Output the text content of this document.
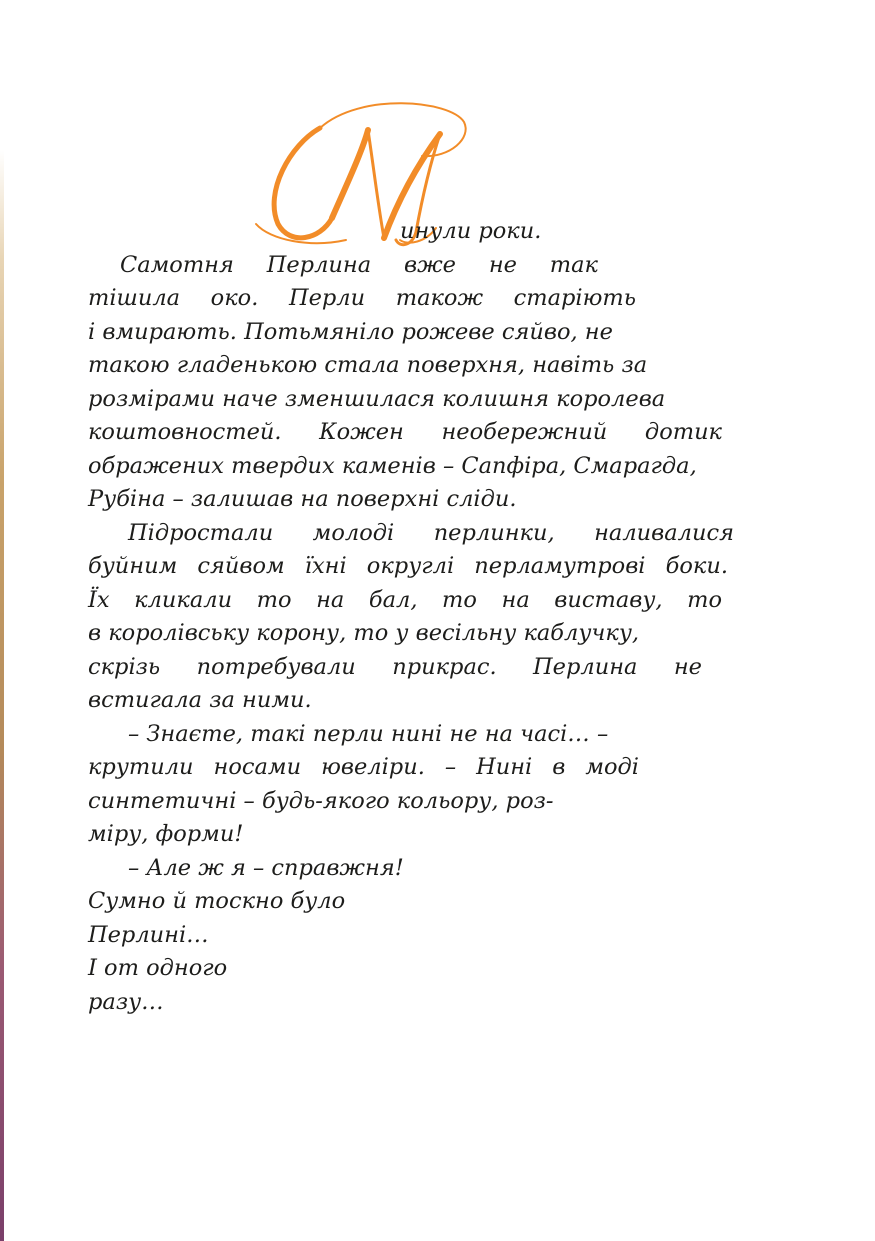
инули роки.
Самотня Перлина вже не так
тішила око. Перли також старіють
і вмирають. Потьмяніло рожеве сяйво, не
такою гладенькою стала поверхня, навіть за
розмірами наче зменшилася колишня королева
коштовностей. Кожен необережний дотик
ображених твердих каменів – Сапфіра, Смарагда,
Рубіна – залишав на поверхні сліди.
Підростали молоді перлинки, наливалися
буйним сяйвом їхні округлі перламутрові боки.
Їх кликали то на бал, то на виставу, то
в королівську корону, то у весільну каблучку,
скрізь потребували прикрас. Перлина не
встигала за ними.
– Знаєте, такі перли нині не на часі… –
крутили носами ювеліри. – Нині в моді
синтетичні – будь-якого кольору, роз-
міру, форми!
– Але ж я – справжня!
Сумно й тоскно було
Перлині…
І от одного
разу…
